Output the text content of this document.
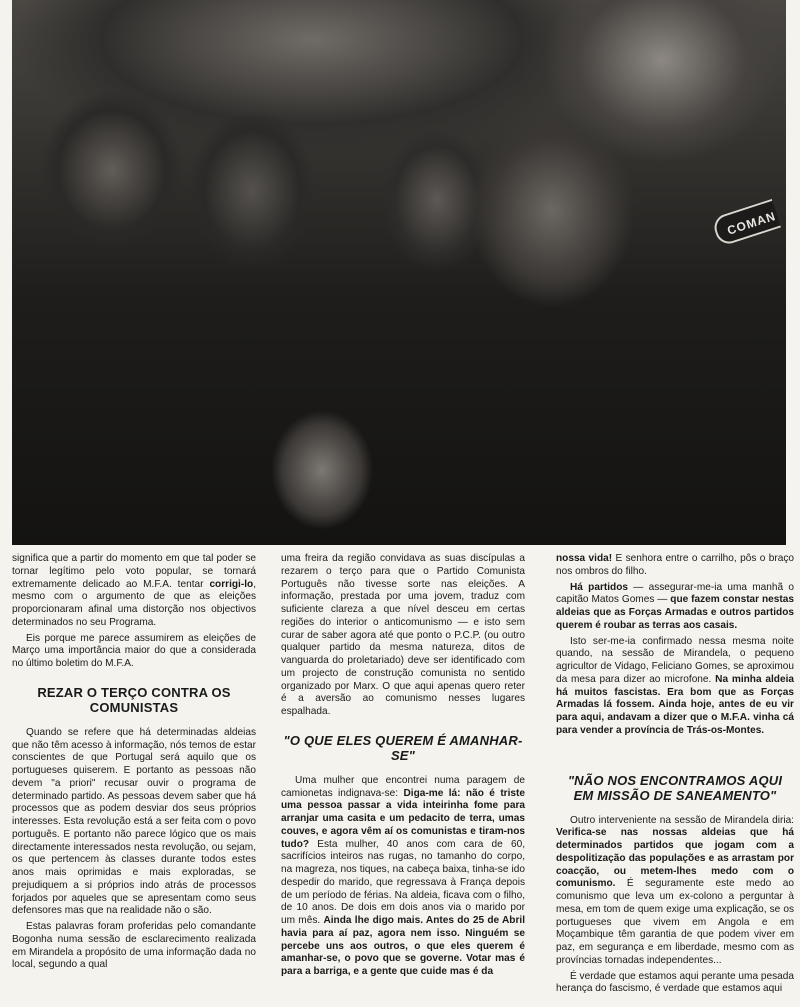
COMAN

significa que a partir do momento em que tal poder se tornar legítimo pelo voto popular, se tornará extremamente delicado ao M.F.A. tentar corrigi-lo, mesmo com o argumento de que as eleições proporcionaram afinal uma distorção nos objectivos determinados no seu Programa.

Eis porque me parece assumirem as eleições de Março uma importância maior do que a considerada no último boletim do M.F.A.

REZAR O TERÇO CONTRA OS COMUNISTAS

Quando se refere que há determinadas aldeias que não têm acesso à informação, nós temos de estar conscientes de que Portugal será aquilo que os portugueses quiserem. E portanto as pessoas não devem "a priori" recusar ouvir o programa de determinado partido. As pessoas devem saber que há processos que as podem desviar dos seus próprios interesses. Esta revolução está a ser feita com o povo português. E portanto não parece lógico que os mais directamente interessados nesta revolução, ou sejam, os que pertencem às classes durante todos estes anos mais oprimidas e mais exploradas, se prejudiquem a si próprios indo atrás de processos forjados por aqueles que se apresentam como seus defensores mas que na realidade não o são.

Estas palavras foram proferidas pelo comandante Bogonha numa sessão de esclarecimento realizada em Mirandela a propósito de uma informação dada no local, segundo a qual

uma freira da região convidava as suas discípulas a rezarem o terço para que o Partido Comunista Português não tivesse sorte nas eleições. A informação, prestada por uma jovem, traduz com suficiente clareza a que nível desceu em certas regiões do interior o anticomunismo — e isto sem curar de saber agora até que ponto o P.C.P. (ou outro qualquer partido da mesma natureza, ditos de vanguarda do proletariado) deve ser identificado com um projecto de construção comunista no sentido organizado por Marx. O que aqui apenas quero reter é a aversão ao comunismo nesses lugares espalhada.

"O QUE ELES QUEREM É AMANHAR-SE"

Uma mulher que encontrei numa paragem de camionetas indignava-se: Diga-me lá: não é triste uma pessoa passar a vida inteirinha fome para arranjar uma casita e um pedacito de terra, umas couves, e agora vêm aí os comunistas e tiram-nos tudo? Esta mulher, 40 anos com cara de 60, sacrifícios inteiros nas rugas, no tamanho do corpo, na magreza, nos tiques, na cabeça baixa, tinha-se ido despedir do marido, que regressava à França depois de um período de férias. Na aldeia, ficava com o filho, de 10 anos. De dois em dois anos via o marido por um mês. Ainda lhe digo mais. Antes do 25 de Abril havia para aí paz, agora nem isso. Ninguém se percebe uns aos outros, o que eles querem é amanhar-se, o povo que se governe. Votar mas é para a barriga, e a gente que cuide mas é da

nossa vida! E senhora entre o carrilho, pôs o braço nos ombros do filho.

Há partidos — assegurar-me-ia uma manhã o capitão Matos Gomes — que fazem constar nestas aldeias que as Forças Armadas e outros partidos querem é roubar as terras aos casais.

Isto ser-me-ia confirmado nessa mesma noite quando, na sessão de Mirandela, o pequeno agricultor de Vidago, Feliciano Gomes, se aproximou da mesa para dizer ao microfone. Na minha aldeia há muitos fascistas. Era bom que as Forças Armadas lá fossem. Ainda hoje, antes de eu vir para aqui, andavam a dizer que o M.F.A. vinha cá para vender a província de Trás-os-Montes.

"NÃO NOS ENCONTRAMOS AQUI EM MISSÃO DE SANEAMENTO"

Outro interveniente na sessão de Mirandela diria: Verifica-se nas nossas aldeias que há determinados partidos que jogam com a despolitização das populações e as arrastam por coacção, ou metem-lhes medo com o comunismo. É seguramente este medo ao comunismo que leva um ex-colono a perguntar à mesa, em tom de quem exige uma explicação, se os portugueses que vivem em Angola e em Moçambique têm garantia de que podem viver em paz, em segurança e em liberdade, mesmo com as províncias tornadas independentes...

É verdade que estamos aqui perante uma pesada herança do fascismo, é verdade que estamos aqui
